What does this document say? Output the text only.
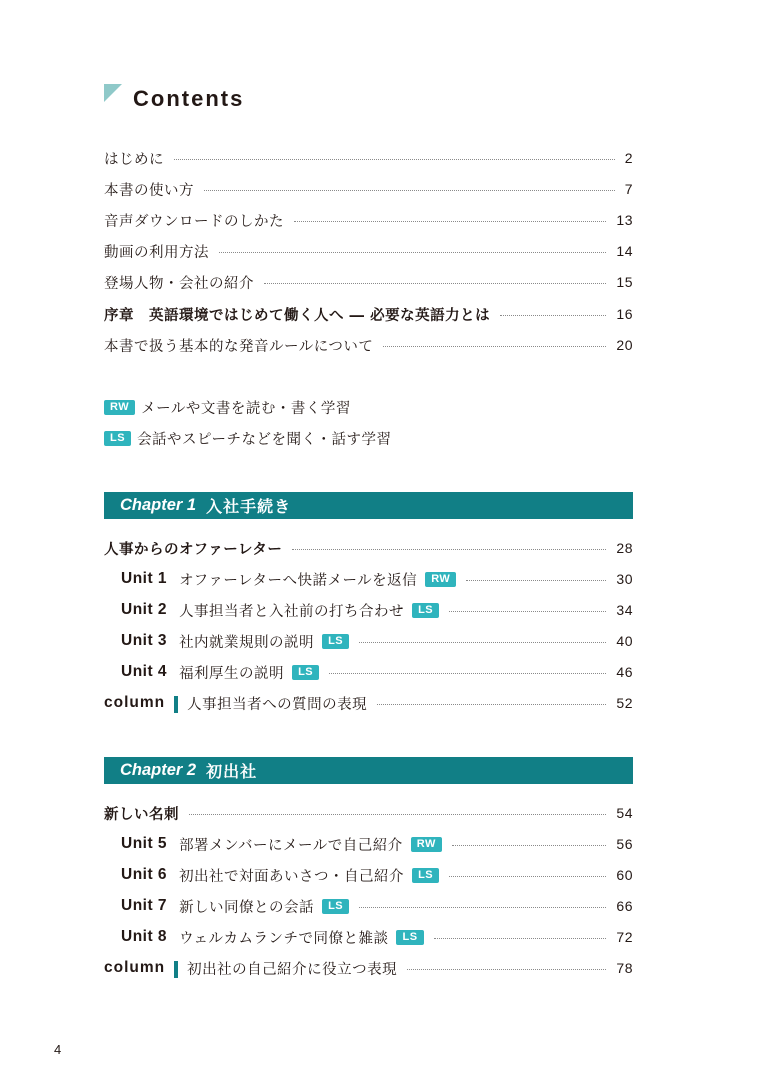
Contents
はじめに	2
本書の使い方	7
音声ダウンロードのしかた	13
動画の利用方法	14
登場人物・会社の紹介	15
序章　英語環境ではじめて働く人へ ― 必要な英語力とは	16
本書で扱う基本的な発音ルールについて	20
RW メールや文書を読む・書く学習
LS 会話やスピーチなどを聞く・話す学習
Chapter 1 入社手続き
人事からのオファーレター	28
Unit 1 オファーレターへ快諾メールを返信	RW	30
Unit 2 人事担当者と入社前の打ち合わせ	LS	34
Unit 3 社内就業規則の説明	LS	40
Unit 4 福利厚生の説明	LS	46
column 人事担当者への質問の表現	52
Chapter 2 初出社
新しい名刺	54
Unit 5 部署メンバーにメールで自己紹介	RW	56
Unit 6 初出社で対面あいさつ・自己紹介	LS	60
Unit 7 新しい同僚との会話	LS	66
Unit 8 ウェルカムランチで同僚と雑談	LS	72
column 初出社の自己紹介に役立つ表現	78
4
